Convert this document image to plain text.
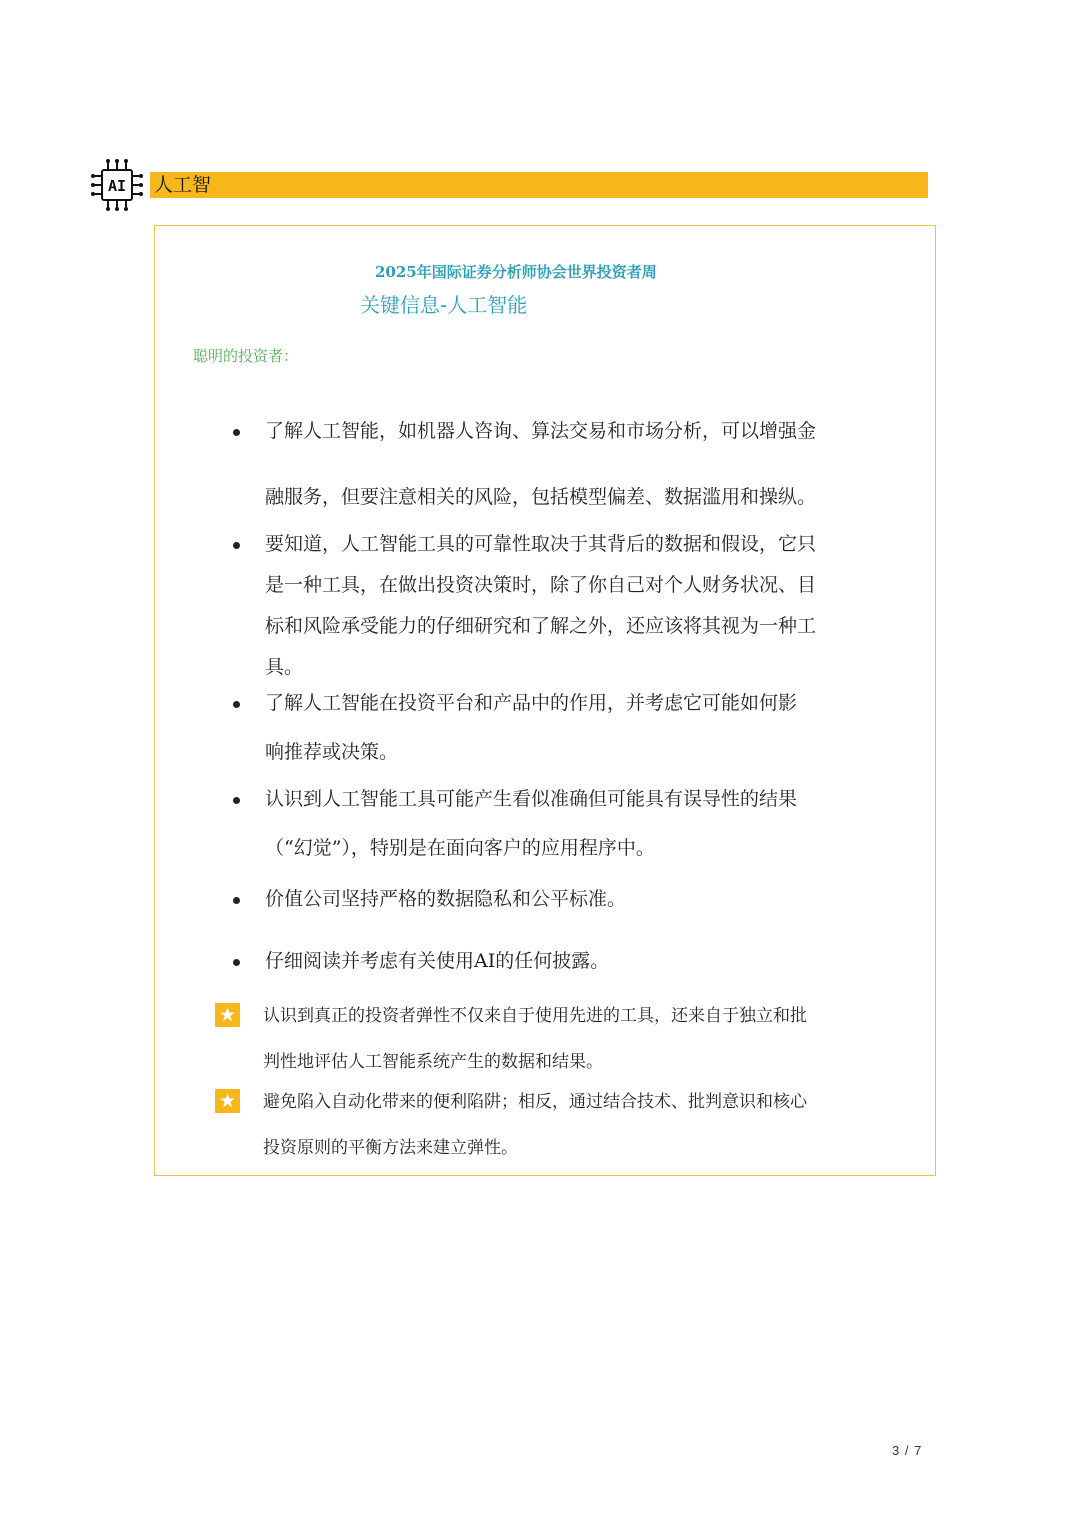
AI 人工智
2025年国际证券分析师协会世界投资者周
关键信息-人工智能
聪明的投资者：
了解人工智能，如机器人咨询、算法交易和市场分析，可以增强金
融服务，但要注意相关的风险，包括模型偏差、数据滥用和操纵。
要知道，人工智能工具的可靠性取决于其背后的数据和假设，它只
是一种工具，在做出投资决策时，除了你自己对个人财务状况、目
标和风险承受能力的仔细研究和了解之外，还应该将其视为一种工
具。
了解人工智能在投资平台和产品中的作用，并考虑它可能如何影
响推荐或决策。
认识到人工智能工具可能产生看似准确但可能具有误导性的结果
（“幻觉”），特别是在面向客户的应用程序中。
价值公司坚持严格的数据隐私和公平标准。
仔细阅读并考虑有关使用AI的任何披露。
★ 认识到真正的投资者弹性不仅来自于使用先进的工具，还来自于独立和批
判性地评估人工智能系统产生的数据和结果。
★ 避免陷入自动化带来的便利陷阱；相反，通过结合技术、批判意识和核心
投资原则的平衡方法来建立弹性。
3 / 7
